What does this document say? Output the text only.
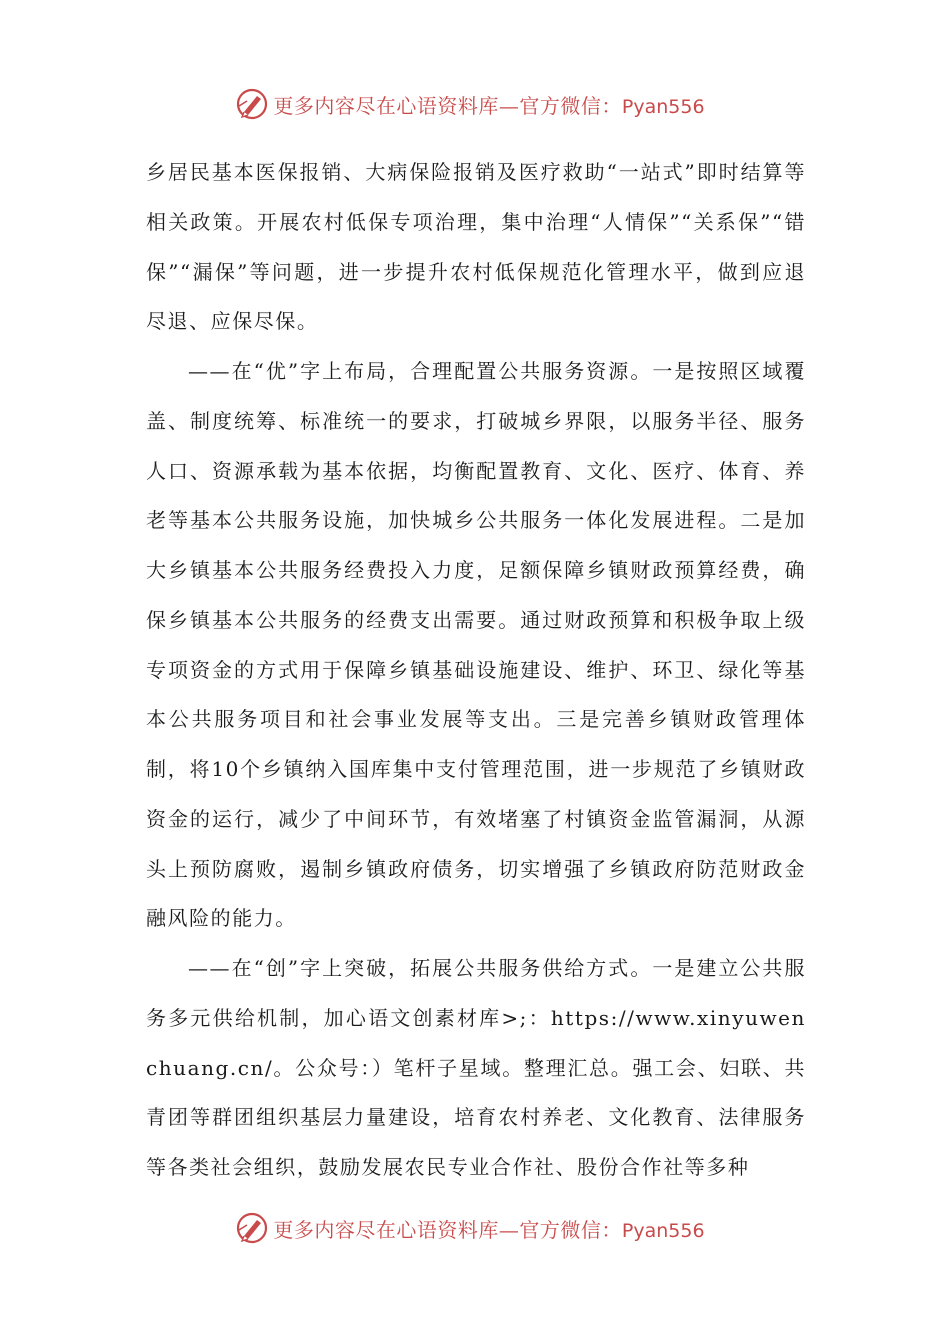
更多内容尽在心语资料库—官方微信：Pyan556

乡居民基本医保报销、大病保险报销及医疗救助“一站式”即时结算等相关政策。开展农村低保专项治理，集中治理“人情保”“关系保”“错保”“漏保”等问题，进一步提升农村低保规范化管理水平，做到应退尽退、应保尽保。

——在“优”字上布局，合理配置公共服务资源。一是按照区域覆盖、制度统筹、标准统一的要求，打破城乡界限，以服务半径、服务人口、资源承载为基本依据，均衡配置教育、文化、医疗、体育、养老等基本公共服务设施，加快城乡公共服务一体化发展进程。二是加大乡镇基本公共服务经费投入力度，足额保障乡镇财政预算经费，确保乡镇基本公共服务的经费支出需要。通过财政预算和积极争取上级专项资金的方式用于保障乡镇基础设施建设、维护、环卫、绿化等基本公共服务项目和社会事业发展等支出。三是完善乡镇财政管理体制，将10个乡镇纳入国库集中支付管理范围，进一步规范了乡镇财政资金的运行，减少了中间环节，有效堵塞了村镇资金监管漏洞，从源头上预防腐败，遏制乡镇政府债务，切实增强了乡镇政府防范财政金融风险的能力。

——在“创”字上突破，拓展公共服务供给方式。一是建立公共服务多元供给机制，加心语文创素材库>;：https://www.xinyuwenchuang.cn/。公众号：）笔杆子星域。整理汇总。强工会、妇联、共青团等群团组织基层力量建设，培育农村养老、文化教育、法律服务等各类社会组织，鼓励发展农民专业合作社、股份合作社等多种

更多内容尽在心语资料库—官方微信：Pyan556
